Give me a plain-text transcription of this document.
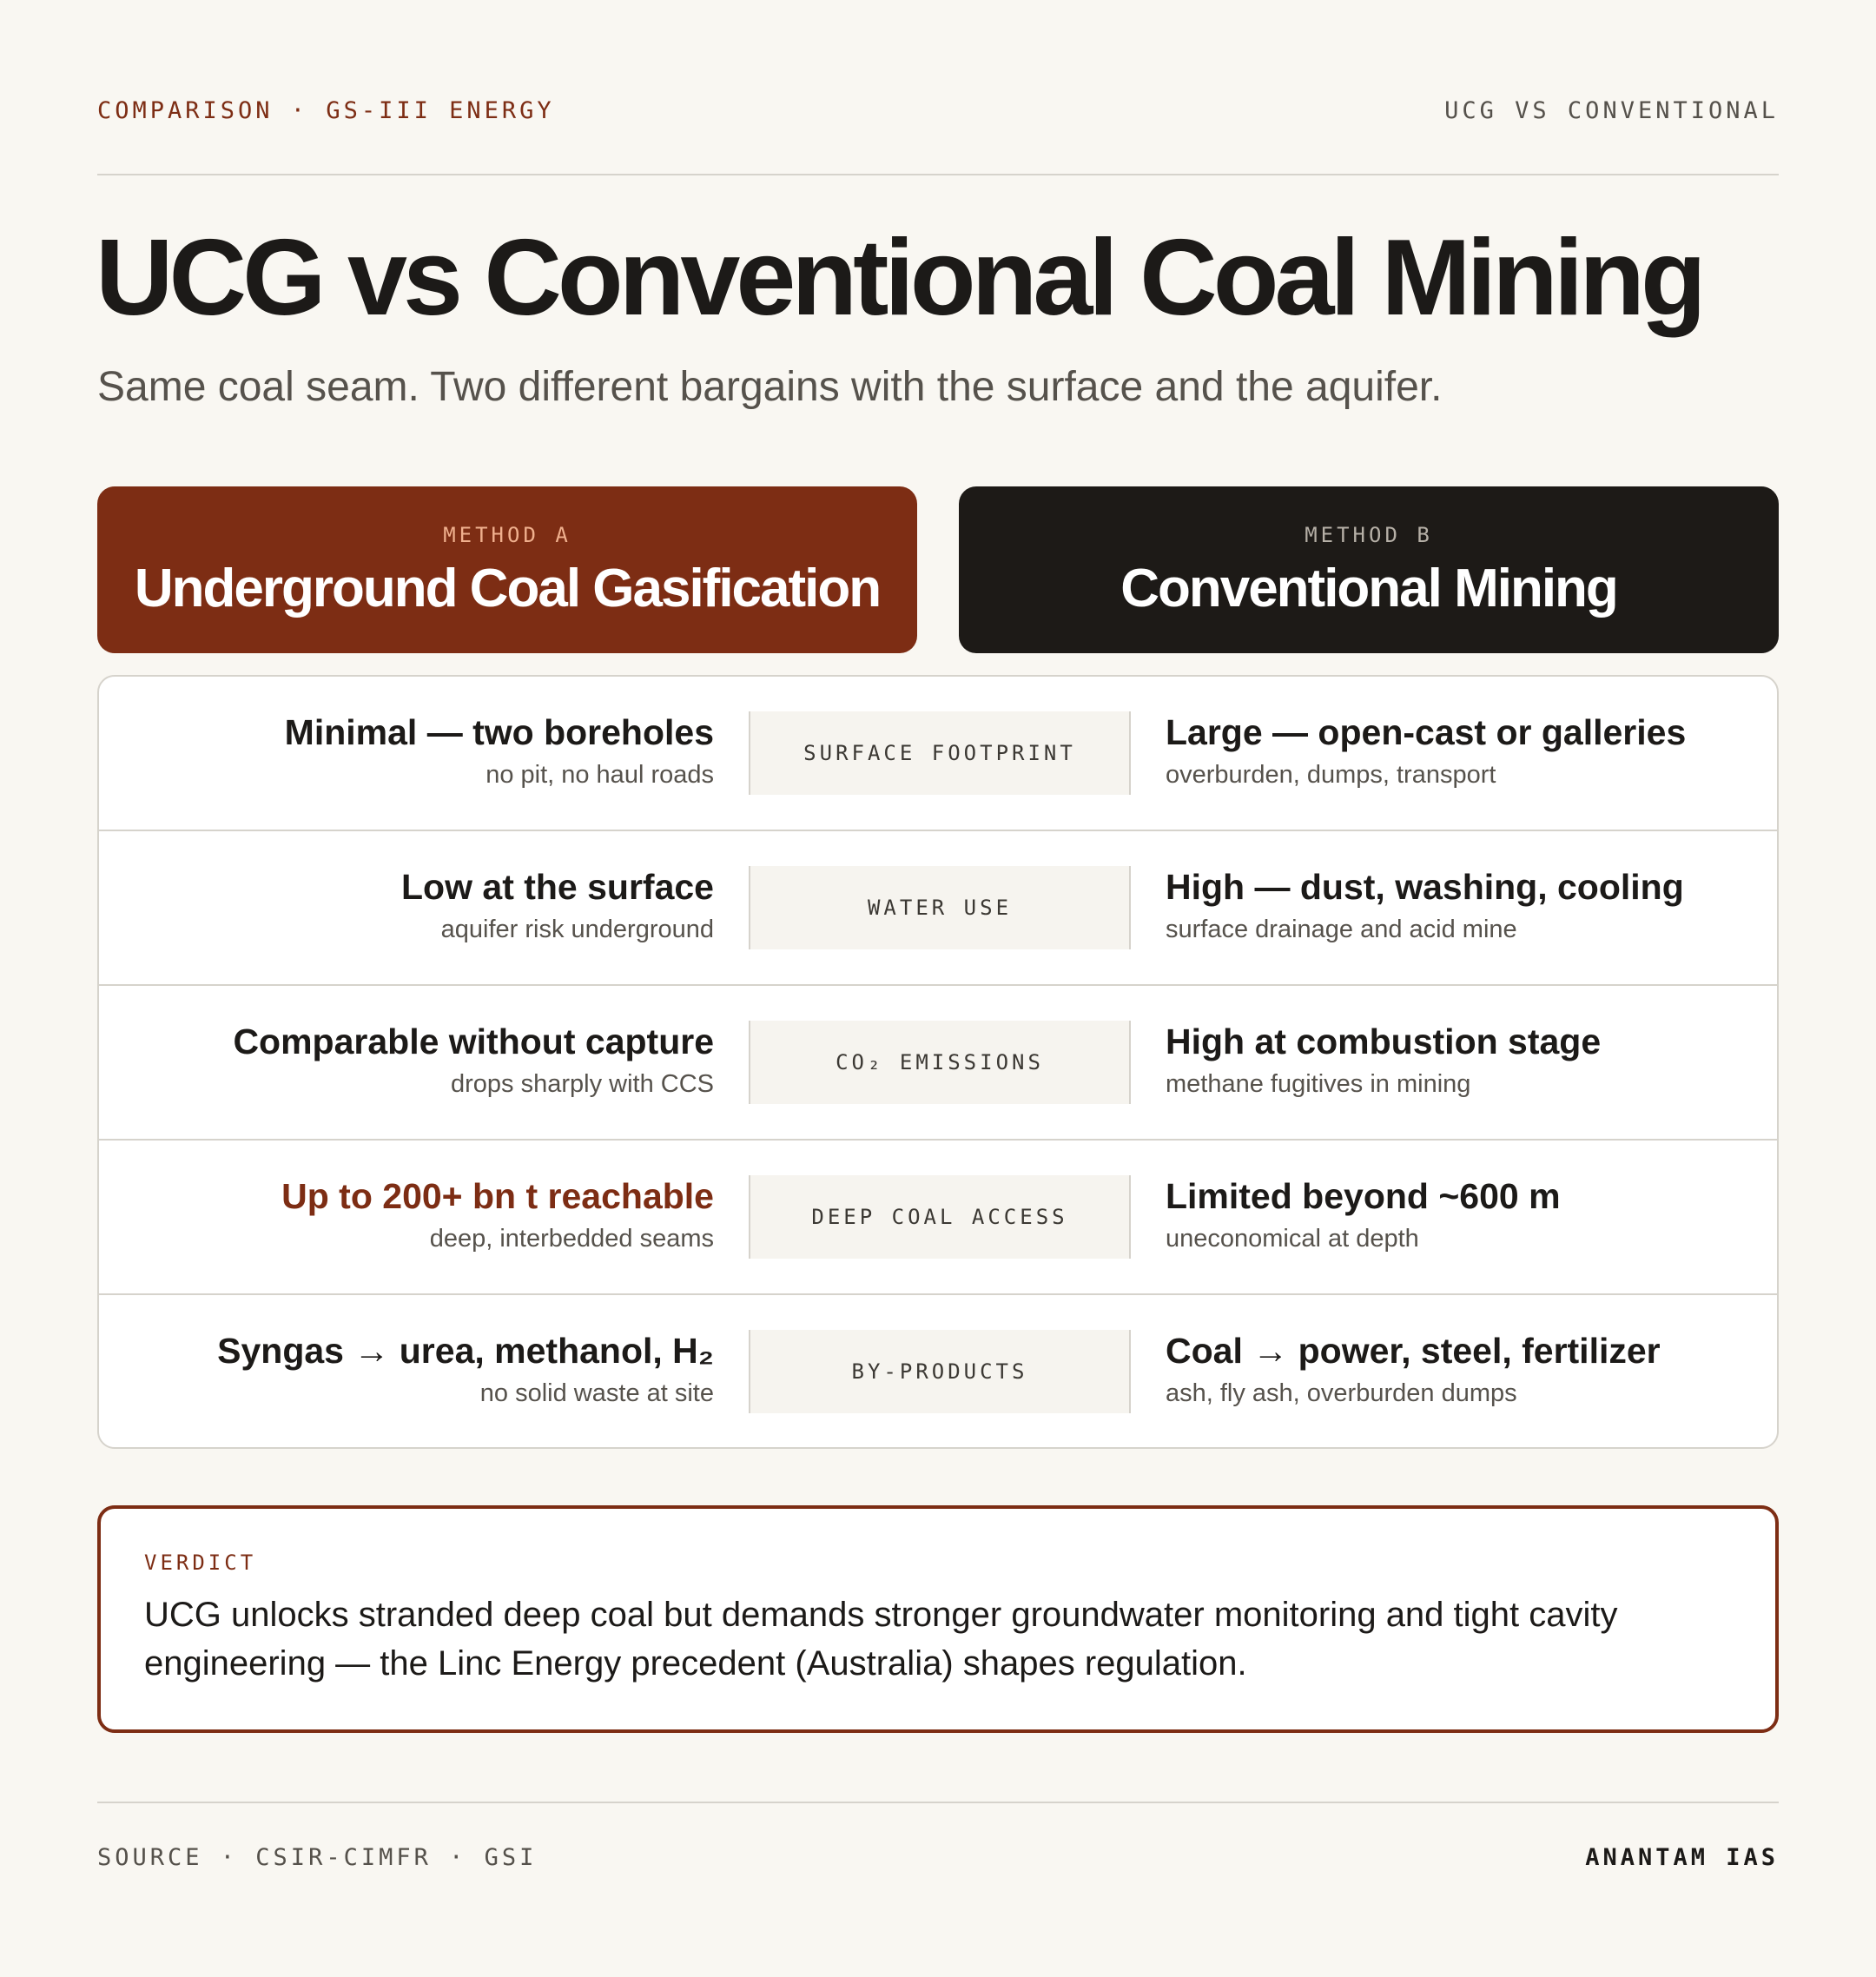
COMPARISON · GS-III ENERGY	UCG VS CONVENTIONAL
UCG vs Conventional Coal Mining
Same coal seam. Two different bargains with the surface and the aquifer.
METHOD A
Underground Coal Gasification
METHOD B
Conventional Mining
Minimal — two boreholes
no pit, no haul roads
SURFACE FOOTPRINT
Large — open-cast or galleries
overburden, dumps, transport
Low at the surface
aquifer risk underground
WATER USE
High — dust, washing, cooling
surface drainage and acid mine
Comparable without capture
drops sharply with CCS
CO₂ EMISSIONS
High at combustion stage
methane fugitives in mining
Up to 200+ bn t reachable
deep, interbedded seams
DEEP COAL ACCESS
Limited beyond ~600 m
uneconomical at depth
Syngas → urea, methanol, H₂
no solid waste at site
BY-PRODUCTS
Coal → power, steel, fertilizer
ash, fly ash, overburden dumps
VERDICT
UCG unlocks stranded deep coal but demands stronger groundwater monitoring and tight cavity engineering — the Linc Energy precedent (Australia) shapes regulation.
SOURCE · CSIR-CIMFR · GSI	ANANTAM IAS
